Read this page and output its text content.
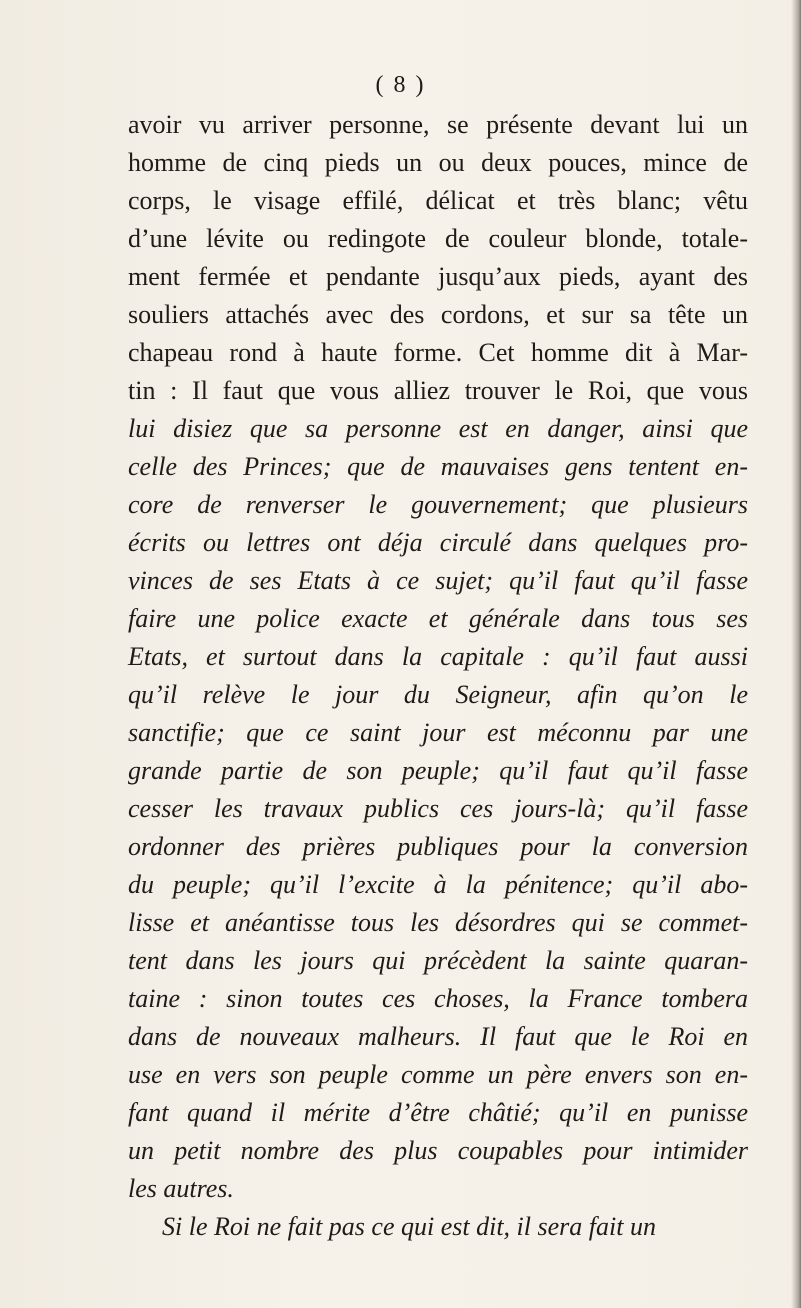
( 8 )
avoir vu arriver personne, se présente devant lui un
homme de cinq pieds un ou deux pouces, mince de
corps, le visage effilé, délicat et très blanc; vêtu
d’une lévite ou redingote de couleur blonde, totale-
ment fermée et pendante jusqu’aux pieds, ayant des
souliers attachés avec des cordons, et sur sa tête un
chapeau rond à haute forme. Cet homme dit à Mar-
tin : Il faut que vous alliez trouver le Roi, que vous
lui disiez que sa personne est en danger, ainsi que
celle des Princes; que de mauvaises gens tentent en-
core de renverser le gouvernement; que plusieurs
écrits ou lettres ont déja circulé dans quelques pro-
vinces de ses Etats à ce sujet; qu’il faut qu’il fasse
faire une police exacte et générale dans tous ses
Etats, et surtout dans la capitale : qu’il faut aussi
qu’il relève le jour du Seigneur, afin qu’on le
sanctifie; que ce saint jour est méconnu par une
grande partie de son peuple; qu’il faut qu’il fasse
cesser les travaux publics ces jours-là; qu’il fasse
ordonner des prières publiques pour la conversion
du peuple; qu’il l’excite à la pénitence; qu’il abo-
lisse et anéantisse tous les désordres qui se commet-
tent dans les jours qui précèdent la sainte quaran-
taine : sinon toutes ces choses, la France tombera
dans de nouveaux malheurs. Il faut que le Roi en
use en vers son peuple comme un père envers son en-
fant quand il mérite d’être châtié; qu’il en punisse
un petit nombre des plus coupables pour intimider
les autres.
Si le Roi ne fait pas ce qui est dit, il sera fait un
